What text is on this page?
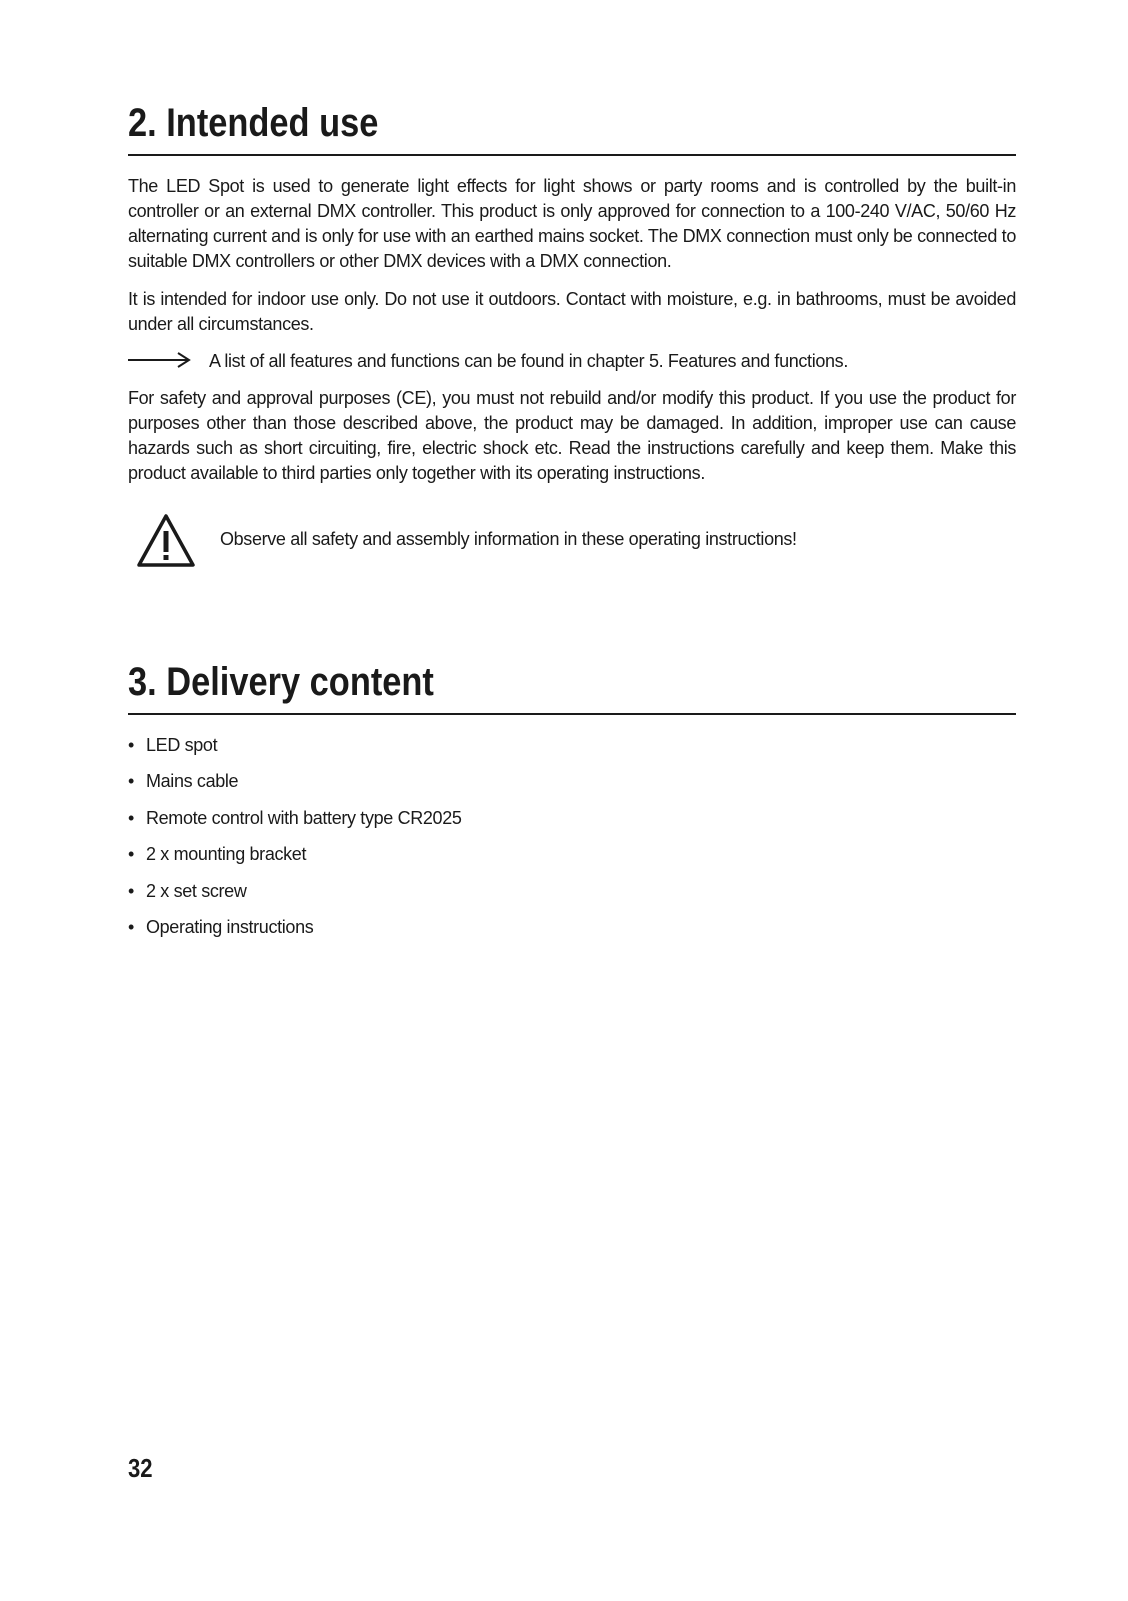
2. Intended use

The LED Spot is used to generate light effects for light shows or party rooms and is controlled by the built-in controller or an external DMX controller. This product is only approved for connection to a 100-240 V/AC, 50/60 Hz alternating current and is only for use with an earthed mains socket. The DMX connection must only be connected to suitable DMX controllers or other DMX devices with a DMX connection.

It is intended for indoor use only. Do not use it outdoors. Contact with moisture, e.g. in bathrooms, must be avoided under all circumstances.

A list of all features and functions can be found in chapter 5. Features and functions.

For safety and approval purposes (CE), you must not rebuild and/or modify this product. If you use the product for purposes other than those described above, the product may be damaged. In addition, improper use can cause hazards such as short circuiting, fire, electric shock etc. Read the instructions carefully and keep them. Make this product available to third parties only together with its operating instructions.

Observe all safety and assembly information in these operating instructions!
3. Delivery content
• LED spot
• Mains cable
• Remote control with battery type CR2025
• 2 x mounting bracket
• 2 x set screw
• Operating instructions
32
